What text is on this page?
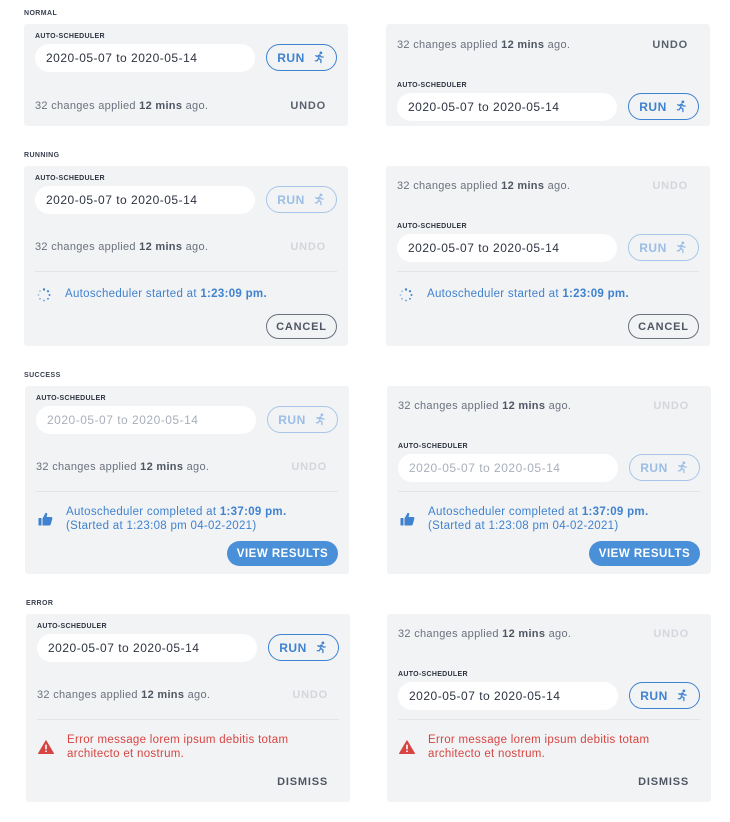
NORMAL
AUTO-SCHEDULER
2020-05-07 to 2020-05-14	RUN
32 changes applied 12 mins ago.	UNDO
32 changes applied 12 mins ago.	UNDO
AUTO-SCHEDULER
2020-05-07 to 2020-05-14	RUN
RUNNING
AUTO-SCHEDULER
2020-05-07 to 2020-05-14	RUN
32 changes applied 12 mins ago.	UNDO
Autoscheduler started at 1:23:09 pm.
CANCEL
32 changes applied 12 mins ago.	UNDO
AUTO-SCHEDULER
2020-05-07 to 2020-05-14	RUN
Autoscheduler started at 1:23:09 pm.
CANCEL
SUCCESS
AUTO-SCHEDULER
2020-05-07 to 2020-05-14	RUN
32 changes applied 12 mins ago.	UNDO
Autoscheduler completed at 1:37:09 pm.
(Started at 1:23:08 pm 04-02-2021)
VIEW RESULTS
32 changes applied 12 mins ago.	UNDO
AUTO-SCHEDULER
2020-05-07 to 2020-05-14	RUN
Autoscheduler completed at 1:37:09 pm.
(Started at 1:23:08 pm 04-02-2021)
VIEW RESULTS
ERROR
AUTO-SCHEDULER
2020-05-07 to 2020-05-14	RUN
32 changes applied 12 mins ago.	UNDO
Error message lorem ipsum debitis totam
architecto et nostrum.
DISMISS
32 changes applied 12 mins ago.	UNDO
AUTO-SCHEDULER
2020-05-07 to 2020-05-14	RUN
Error message lorem ipsum debitis totam
architecto et nostrum.
DISMISS
